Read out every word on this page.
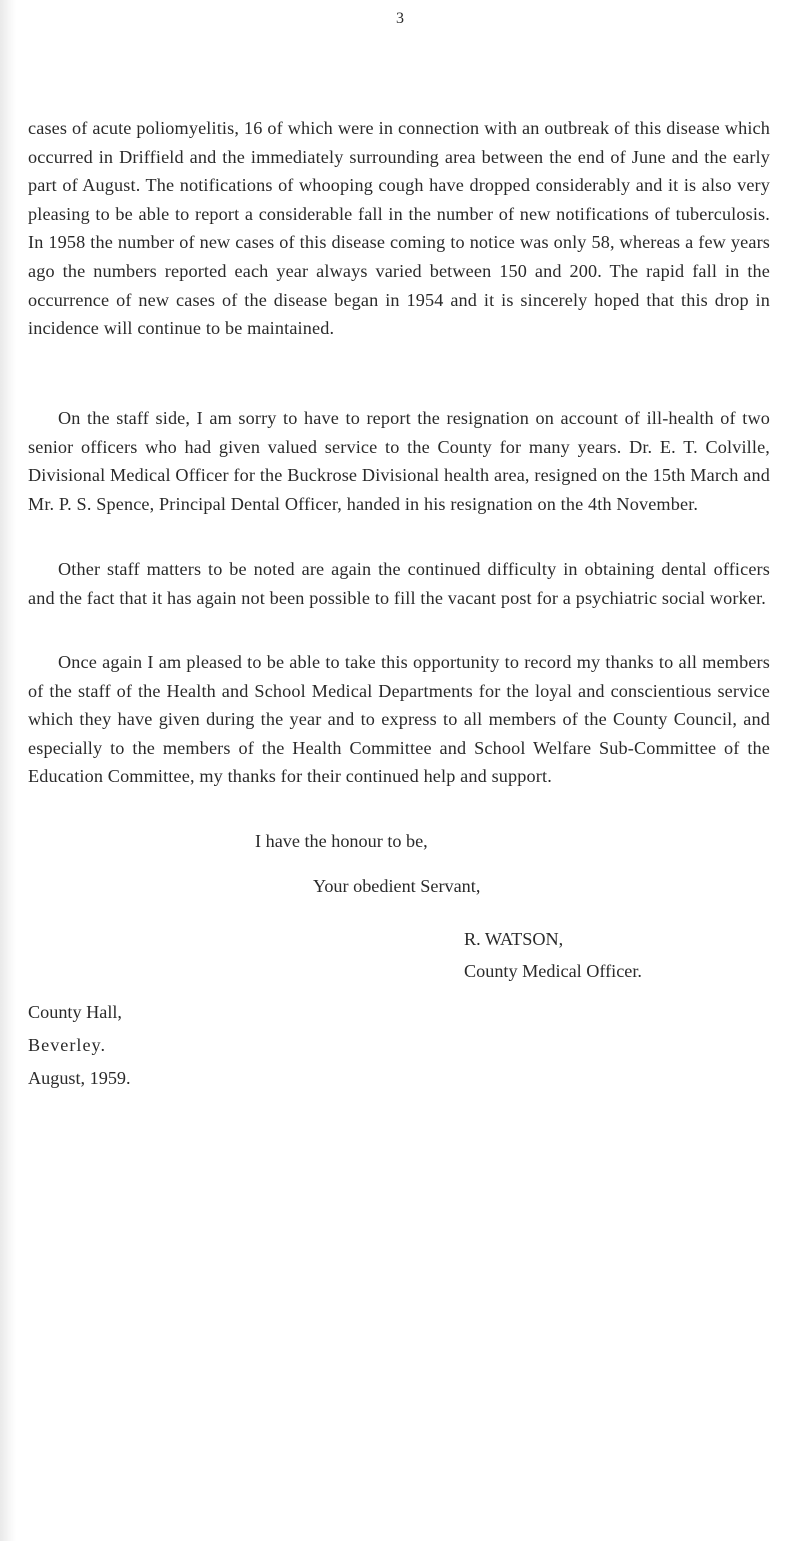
3

cases of acute poliomyelitis, 16 of which were in connection with an outbreak of this disease which occurred in Driffield and the immediately surrounding area between the end of June and the early part of August. The notifications of whooping cough have dropped considerably and it is also very pleasing to be able to report a considerable fall in the number of new notifications of tuberculosis. In 1958 the number of new cases of this disease coming to notice was only 58, whereas a few years ago the numbers reported each year always varied between 150 and 200. The rapid fall in the occurrence of new cases of the disease began in 1954 and it is sincerely hoped that this drop in incidence will continue to be maintained.

On the staff side, I am sorry to have to report the resignation on account of ill-health of two senior officers who had given valued service to the County for many years. Dr. E. T. Colville, Divisional Medical Officer for the Buckrose Divisional health area, resigned on the 15th March and Mr. P. S. Spence, Principal Dental Officer, handed in his resignation on the 4th November.

Other staff matters to be noted are again the continued difficulty in obtaining dental officers and the fact that it has again not been possible to fill the vacant post for a psychiatric social worker.

Once again I am pleased to be able to take this opportunity to record my thanks to all members of the staff of the Health and School Medical Departments for the loyal and conscientious service which they have given during the year and to express to all members of the County Council, and especially to the members of the Health Committee and School Welfare Sub-Committee of the Education Committee, my thanks for their continued help and support.

I have the honour to be,
Your obedient Servant,
R. WATSON,
County Medical Officer.
County Hall,
Beverley.
August, 1959.
